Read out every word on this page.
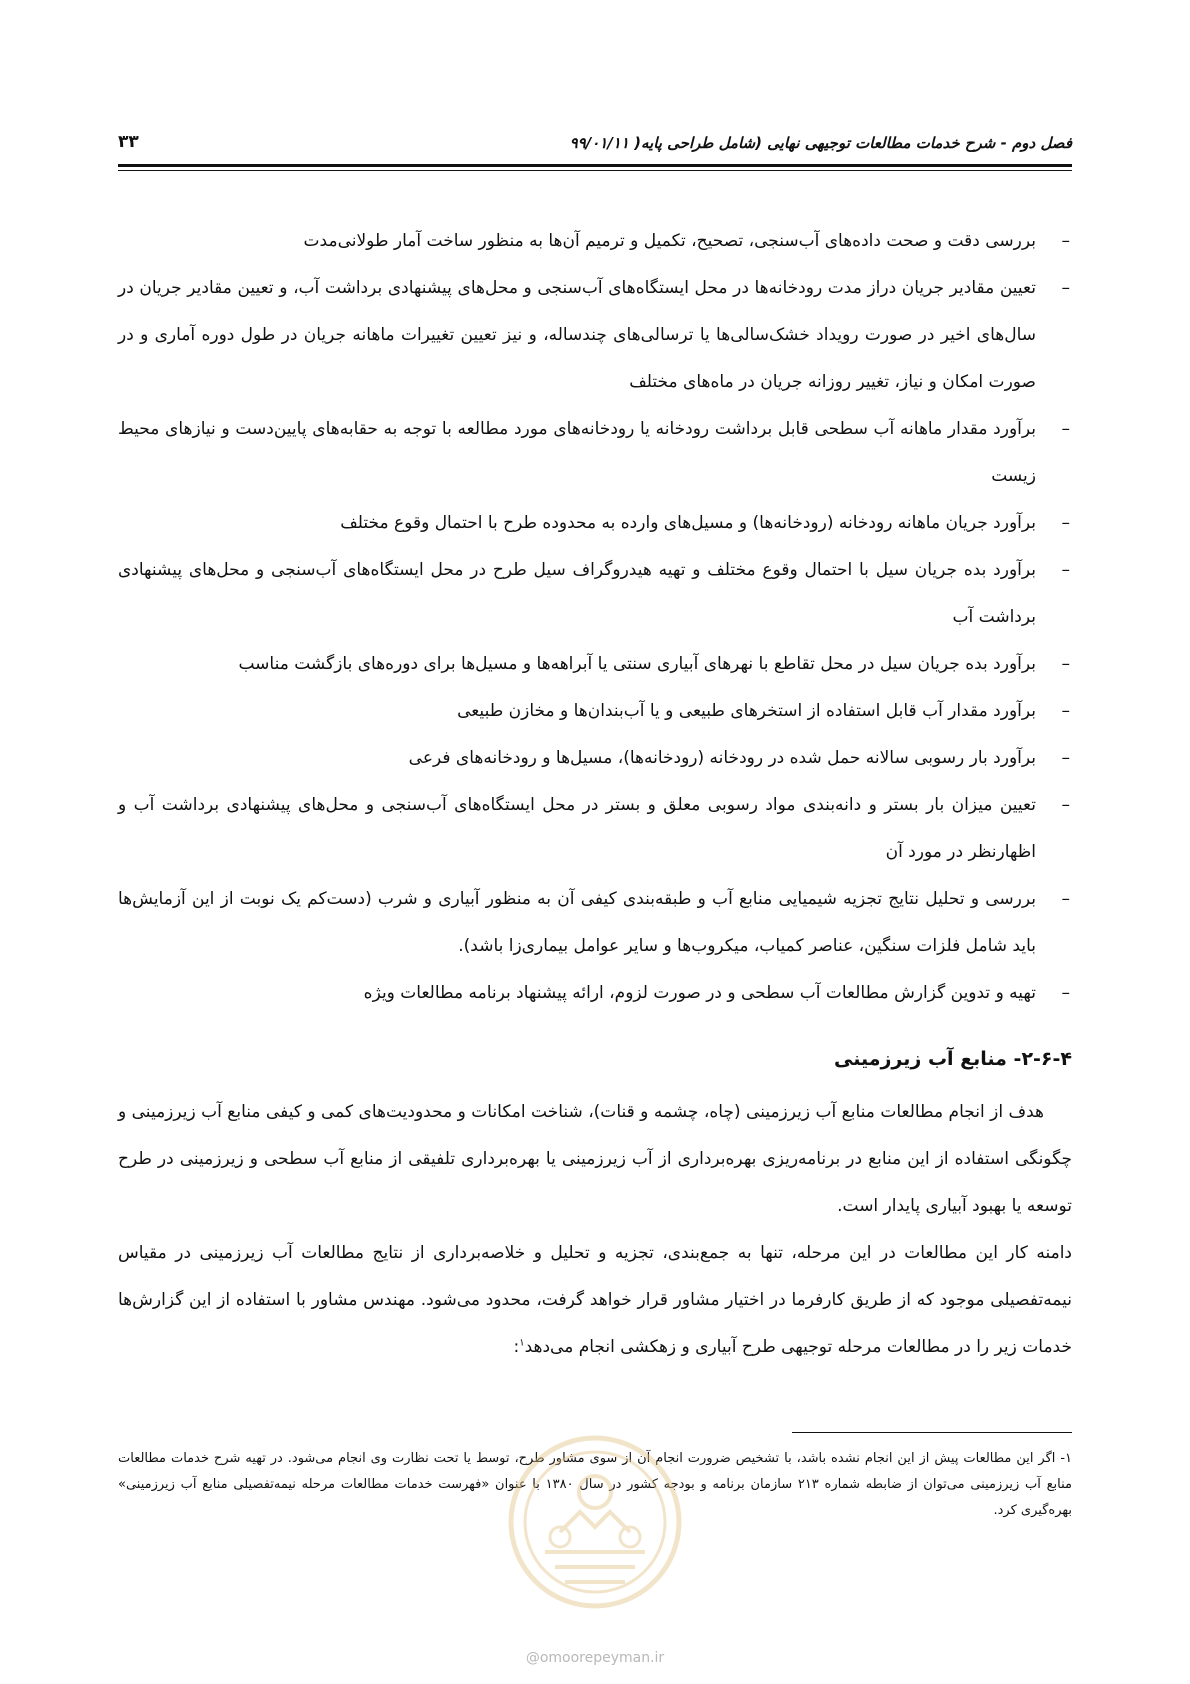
فصل دوم - شرح خدمات مطالعات توجیهی نهایی (شامل طراحی پایه( ۹۹/۰۱/۱۱
۳۳
–
بررسی دقت و صحت داده‌های آب‌سنجی، تصحیح، تکمیل و ترمیم آن‌ها به منظور ساخت آمار طولانی‌مدت
–
تعیین مقادیر جریان دراز مدت رودخانه‌ها در محل ایستگاه‌های آب‌سنجی و محل‌های پیشنهادی برداشت آب، و تعیین مقادیر جریان در سال‌های اخیر در صورت رویداد خشک‌سالی‌ها یا ترسالی‌های چندساله، و نیز تعیین تغییرات ماهانه جریان در طول دوره آماری و در صورت امکان و نیاز، تغییر روزانه جریان در ماه‌های مختلف
–
برآورد مقدار ماهانه آب سطحی قابل برداشت رودخانه یا رودخانه‌های مورد مطالعه با توجه به حقابه‌های پایین‌دست و نیازهای محیط زیست
–
برآورد جریان ماهانه رودخانه (رودخانه‌ها) و مسیل‌های وارده به محدوده طرح با احتمال وقوع مختلف
–
برآورد بده جریان سیل با احتمال وقوع مختلف و تهیه هیدروگراف سیل طرح در محل ایستگاه‌های آب‌سنجی و محل‌های پیشنهادی برداشت آب
–
برآورد بده جریان سیل در محل تقاطع با نهرهای آبیاری سنتی یا آبراهه‌ها و مسیل‌ها برای دوره‌های بازگشت مناسب
–
برآورد مقدار آب قابل استفاده از استخرهای طبیعی و یا آب‌بندان‌ها و مخازن طبیعی
–
برآورد بار رسوبی سالانه حمل شده در رودخانه (رودخانه‌ها)، مسیل‌ها و رودخانه‌های فرعی
–
تعیین میزان بار بستر و دانه‌بندی مواد رسوبی معلق و بستر در محل ایستگاه‌های آب‌سنجی و محل‌های پیشنهادی برداشت آب و اظهارنظر در مورد آن
–
بررسی و تحلیل نتایج تجزیه شیمیایی منابع آب و طبقه‌بندی کیفی آن به منظور آبیاری و شرب (دست‌کم یک نوبت از این آزمایش‌ها باید شامل فلزات سنگین، عناصر کمیاب، میکروب‌ها و سایر عوامل بیماری‌زا باشد).
–
تهیه و تدوین گزارش مطالعات آب سطحی و در صورت لزوم، ارائه پیشنهاد برنامه مطالعات ویژه
۲-۶-۴- منابع آب زیرزمینی

هدف از انجام مطالعات منابع آب زیرزمینی (چاه، چشمه و قنات)، شناخت امکانات و محدودیت‌های کمی و کیفی منابع آب زیرزمینی و چگونگی استفاده از این منابع در برنامه‌ریزی بهره‌برداری از آب زیرزمینی یا بهره‌برداری تلفیقی از منابع آب سطحی و زیرزمینی در طرح توسعه یا بهبود آبیاری پایدار است.

دامنه کار این مطالعات در این مرحله، تنها به جمع‌بندی، تجزیه و تحلیل و خلاصه‌برداری از نتایج مطالعات آب زیرزمینی در مقیاس نیمه‌تفصیلی موجود که از طریق کارفرما در اختیار مشاور قرار خواهد گرفت، محدود می‌شود. مهندس مشاور با استفاده از این گزارش‌ها خدمات زیر را در مطالعات مرحله توجیهی طرح آبیاری و زهکشی انجام می‌دهد$^۱$:

۱- اگر این مطالعات پیش از این انجام نشده باشد، با تشخیص ضرورت انجام آن از سوی مشاور طرح، توسط یا تحت نظارت وی انجام می‌شود. در تهیه شرح خدمات مطالعات منابع آب زیرزمینی می‌توان از ضابطه شماره ۲۱۳ سازمان برنامه و بودجه کشور در سال ۱۳۸۰ با عنوان «فهرست خدمات مطالعات مرحله نیمه‌تفصیلی منابع آب زیرزمینی» بهره‌گیری کرد.
@omoorepeyman.ir
